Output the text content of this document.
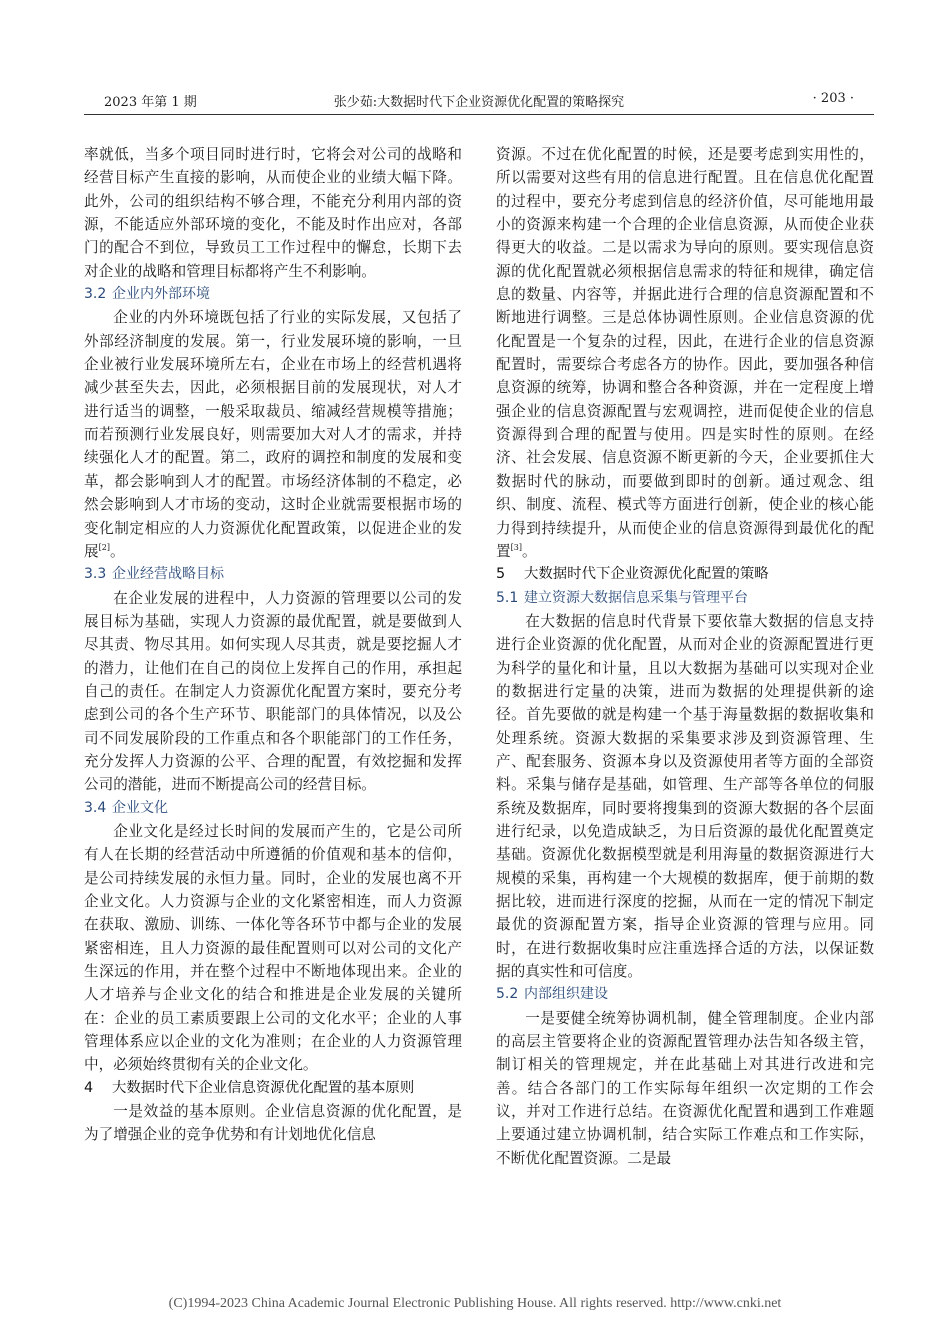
2023 年第 1 期	张少茹:大数据时代下企业资源优化配置的策略探究	· 203 ·

率就低，当多个项目同时进行时，它将会对公司的战略和经营目标产生直接的影响，从而使企业的业绩大幅下降。此外，公司的组织结构不够合理，不能充分利用内部的资源，不能适应外部环境的变化，不能及时作出应对，各部门的配合不到位，导致员工工作过程中的懈怠，长期下去对企业的战略和管理目标都将产生不利影响。

3.2 企业内外部环境

企业的内外环境既包括了行业的实际发展，又包括了外部经济制度的发展。第一，行业发展环境的影响，一旦企业被行业发展环境所左右，企业在市场上的经营机遇将减少甚至失去，因此，必须根据目前的发展现状，对人才进行适当的调整，一般采取裁员、缩减经营规模等措施；而若预测行业发展良好，则需要加大对人才的需求，并持续强化人才的配置。第二，政府的调控和制度的发展和变革，都会影响到人才的配置。市场经济体制的不稳定，必然会影响到人才市场的变动，这时企业就需要根据市场的变化制定相应的人力资源优化配置政策，以促进企业的发展[2]。

3.3 企业经营战略目标

在企业发展的进程中，人力资源的管理要以公司的发展目标为基础，实现人力资源的最优配置，就是要做到人尽其责、物尽其用。如何实现人尽其责，就是要挖掘人才的潜力，让他们在自己的岗位上发挥自己的作用，承担起自己的责任。在制定人力资源优化配置方案时，要充分考虑到公司的各个生产环节、职能部门的具体情况，以及公司不同发展阶段的工作重点和各个职能部门的工作任务，充分发挥人力资源的公平、合理的配置，有效挖掘和发挥公司的潜能，进而不断提高公司的经营目标。

3.4 企业文化

企业文化是经过长时间的发展而产生的，它是公司所有人在长期的经营活动中所遵循的价值观和基本的信仰，是公司持续发展的永恒力量。同时，企业的发展也离不开企业文化。人力资源与企业的文化紧密相连，而人力资源在获取、激励、训练、一体化等各环节中都与企业的发展紧密相连，且人力资源的最佳配置则可以对公司的文化产生深远的作用，并在整个过程中不断地体现出来。企业的人才培养与企业文化的结合和推进是企业发展的关键所在：企业的员工素质要跟上公司的文化水平；企业的人事管理体系应以企业的文化为准则；在企业的人力资源管理中，必须始终贯彻有关的企业文化。

4 大数据时代下企业信息资源优化配置的基本原则

一是效益的基本原则。企业信息资源的优化配置，是为了增强企业的竞争优势和有计划地优化信息

资源。不过在优化配置的时候，还是要考虑到实用性的，所以需要对这些有用的信息进行配置。且在信息优化配置的过程中，要充分考虑到信息的经济价值，尽可能地用最小的资源来构建一个合理的企业信息资源，从而使企业获得更大的收益。二是以需求为导向的原则。要实现信息资源的优化配置就必须根据信息需求的特征和规律，确定信息的数量、内容等，并据此进行合理的信息资源配置和不断地进行调整。三是总体协调性原则。企业信息资源的优化配置是一个复杂的过程，因此，在进行企业的信息资源配置时，需要综合考虑各方的协作。因此，要加强各种信息资源的统筹，协调和整合各种资源，并在一定程度上增强企业的信息资源配置与宏观调控，进而促使企业的信息资源得到合理的配置与使用。四是实时性的原则。在经济、社会发展、信息资源不断更新的今天，企业要抓住大数据时代的脉动，而要做到即时的创新。通过观念、组织、制度、流程、模式等方面进行创新，使企业的核心能力得到持续提升，从而使企业的信息资源得到最优化的配置[3]。

5 大数据时代下企业资源优化配置的策略
5.1 建立资源大数据信息采集与管理平台

在大数据的信息时代背景下要依靠大数据的信息支持进行企业资源的优化配置，从而对企业的资源配置进行更为科学的量化和计量，且以大数据为基础可以实现对企业的数据进行定量的决策，进而为数据的处理提供新的途径。首先要做的就是构建一个基于海量数据的数据收集和处理系统。资源大数据的采集要求涉及到资源管理、生产、配套服务、资源本身以及资源使用者等方面的全部资料。采集与储存是基础，如管理、生产部等各单位的伺服系统及数据库，同时要将搜集到的资源大数据的各个层面进行纪录，以免造成缺乏，为日后资源的最优化配置奠定基础。资源优化数据模型就是利用海量的数据资源进行大规模的采集，再构建一个大规模的数据库，便于前期的数据比较，进而进行深度的挖掘，从而在一定的情况下制定最优的资源配置方案，指导企业资源的管理与应用。同时，在进行数据收集时应注重选择合适的方法，以保证数据的真实性和可信度。

5.2 内部组织建设

一是要健全统筹协调机制，健全管理制度。企业内部的高层主管要将企业的资源配置管理办法告知各级主管，制订相关的管理规定，并在此基础上对其进行改进和完善。结合各部门的工作实际每年组织一次定期的工作会议，并对工作进行总结。在资源优化配置和遇到工作难题上要通过建立协调机制，结合实际工作难点和工作实际，不断优化配置资源。二是最

(C)1994-2023 China Academic Journal Electronic Publishing House. All rights reserved. http://www.cnki.net
